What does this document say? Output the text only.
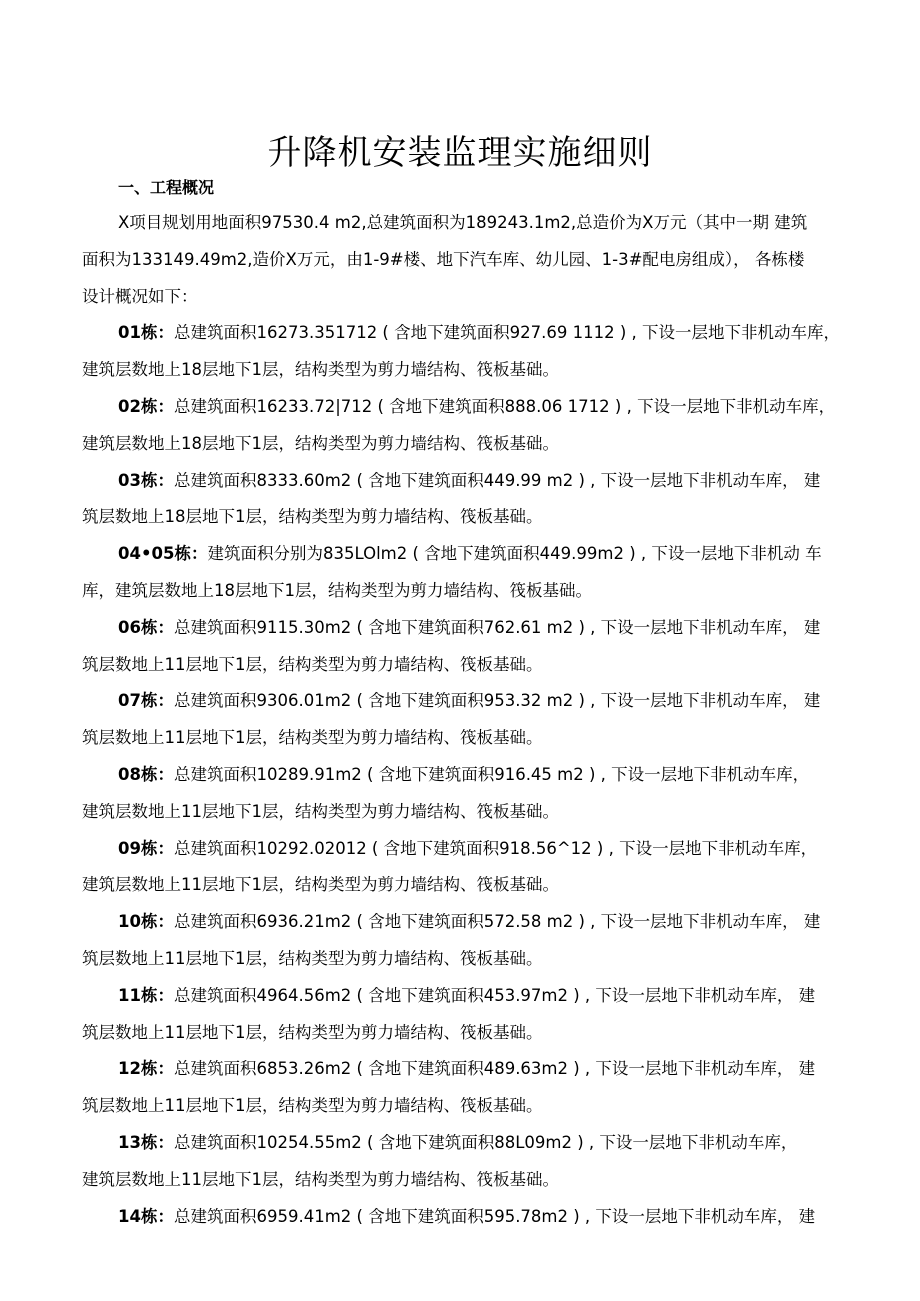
升降机安装监理实施细则
一、工程概况

X项目规划用地面积97530.4 m2,总建筑面积为189243.1m2,总造价为X万元（其中一期 建筑
面积为133149.49m2,造价X万元，由1-9#楼、地下汽车库、幼儿园、1-3#配电房组成）， 各栋楼
设计概况如下：

01栋：总建筑面积16273.351712 ( 含地下建筑面积927.69 1112 ) , 下设一层地下非机动车库，
建筑层数地上18层地下1层，结构类型为剪力墙结构、筏板基础。

02栋：总建筑面积16233.72|712 ( 含地下建筑面积888.06 1712 ) , 下设一层地下非机动车库，
建筑层数地上18层地下1层，结构类型为剪力墙结构、筏板基础。

03栋：总建筑面积8333.60m2 ( 含地下建筑面积449.99 m2 ) , 下设一层地下非机动车库， 建
筑层数地上18层地下1层，结构类型为剪力墙结构、筏板基础。

04•05栋：建筑面积分别为835LOlm2 ( 含地下建筑面积449.99m2 ) , 下设一层地下非机动 车
库，建筑层数地上18层地下1层，结构类型为剪力墙结构、筏板基础。

06栋：总建筑面积9115.30m2 ( 含地下建筑面积762.61 m2 ) , 下设一层地下非机动车库， 建
筑层数地上11层地下1层，结构类型为剪力墙结构、筏板基础。

07栋：总建筑面积9306.01m2 ( 含地下建筑面积953.32 m2 ) , 下设一层地下非机动车库， 建
筑层数地上11层地下1层，结构类型为剪力墙结构、筏板基础。

08栋：总建筑面积10289.91m2 ( 含地下建筑面积916.45 m2 ) , 下设一层地下非机动车库，
建筑层数地上11层地下1层，结构类型为剪力墙结构、筏板基础。

09栋：总建筑面积10292.02012 ( 含地下建筑面积918.56^12 ) , 下设一层地下非机动车库，
建筑层数地上11层地下1层，结构类型为剪力墙结构、筏板基础。

10栋：总建筑面积6936.21m2 ( 含地下建筑面积572.58 m2 ) , 下设一层地下非机动车库， 建
筑层数地上11层地下1层，结构类型为剪力墙结构、筏板基础。

11栋：总建筑面积4964.56m2 ( 含地下建筑面积453.97m2 ) , 下设一层地下非机动车库， 建
筑层数地上11层地下1层，结构类型为剪力墙结构、筏板基础。

12栋：总建筑面积6853.26m2 ( 含地下建筑面积489.63m2 ) , 下设一层地下非机动车库， 建
筑层数地上11层地下1层，结构类型为剪力墙结构、筏板基础。

13栋：总建筑面积10254.55m2 ( 含地下建筑面积88L09m2 ) , 下设一层地下非机动车库，
建筑层数地上11层地下1层，结构类型为剪力墙结构、筏板基础。

14栋：总建筑面积6959.41m2 ( 含地下建筑面积595.78m2 ) , 下设一层地下非机动车库， 建
